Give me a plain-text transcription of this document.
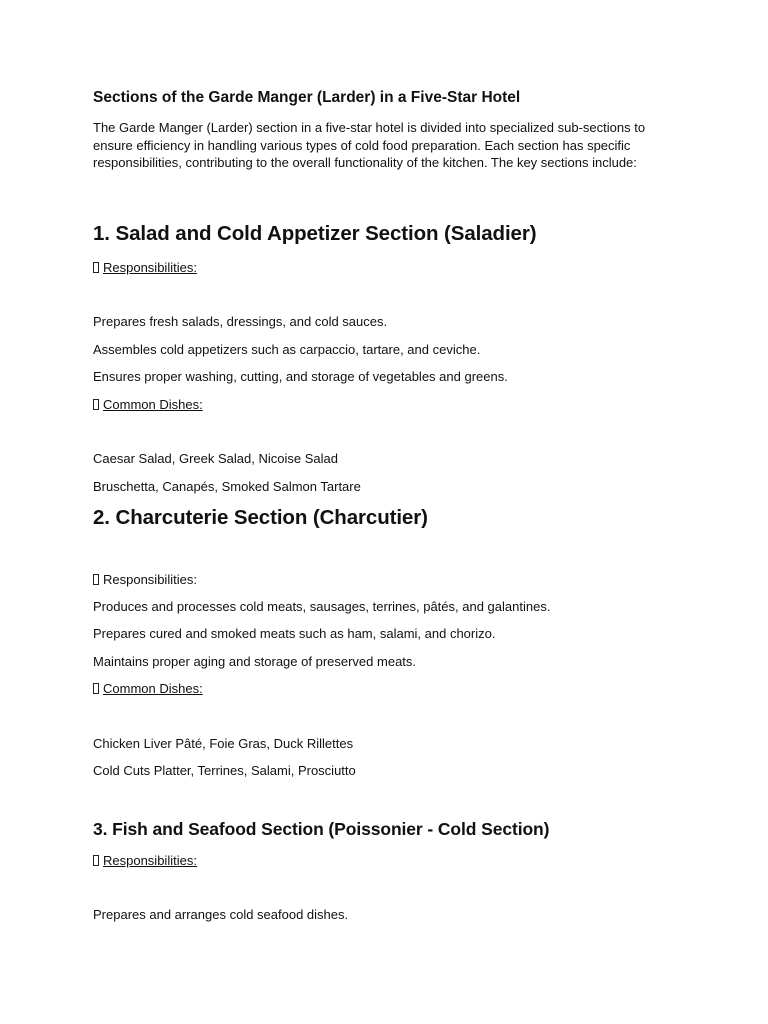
Sections of the Garde Manger (Larder) in a Five-Star Hotel
The Garde Manger (Larder) section in a five-star hotel is divided into specialized sub-sections to ensure efficiency in handling various types of cold food preparation. Each section has specific responsibilities, contributing to the overall functionality of the kitchen. The key sections include:
1. Salad and Cold Appetizer Section (Saladier)
Responsibilities:
Prepares fresh salads, dressings, and cold sauces.
Assembles cold appetizers such as carpaccio, tartare, and ceviche.
Ensures proper washing, cutting, and storage of vegetables and greens.
Common Dishes:
Caesar Salad, Greek Salad, Nicoise Salad
Bruschetta, Canapés, Smoked Salmon Tartare
2. Charcuterie Section (Charcutier)
Responsibilities:
Produces and processes cold meats, sausages, terrines, pâtés, and galantines.
Prepares cured and smoked meats such as ham, salami, and chorizo.
Maintains proper aging and storage of preserved meats.
Common Dishes:
Chicken Liver Pâté, Foie Gras, Duck Rillettes
Cold Cuts Platter, Terrines, Salami, Prosciutto
3. Fish and Seafood Section (Poissonier - Cold Section)
Responsibilities:
Prepares and arranges cold seafood dishes.
